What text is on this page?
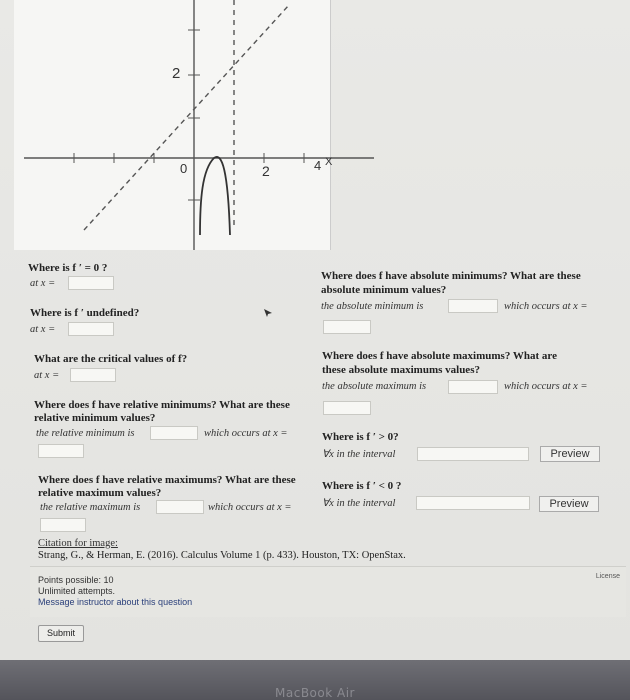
2
0	2	4 X
Where is f ′ = 0 ?
at x =
Where is f ′ undefined?
at x =
What are the critical values of f?
at x =
Where does f have relative minimums? What are these
relative minimum values?
the relative minimum is	which occurs at x =
Where does f have relative maximums? What are these
relative maximum values?
the relative maximum is	which occurs at x =
Where does f have absolute minimums? What are these
absolute minimum values?
the absolute minimum is	which occurs at x =
Where does f have absolute maximums? What are
these absolute maximums values?
the absolute maximum is	which occurs at x =
Where is f ′ > 0?
∀x in the interval	Preview
Where is f ′ < 0 ?
∀x in the interval	Preview
Citation for image:
Strang, G., & Herman, E. (2016). Calculus Volume 1 (p. 433). Houston, TX: OpenStax.
Points possible: 10
Unlimited attempts.
Message instructor about this question
License
Submit
MacBook Air
